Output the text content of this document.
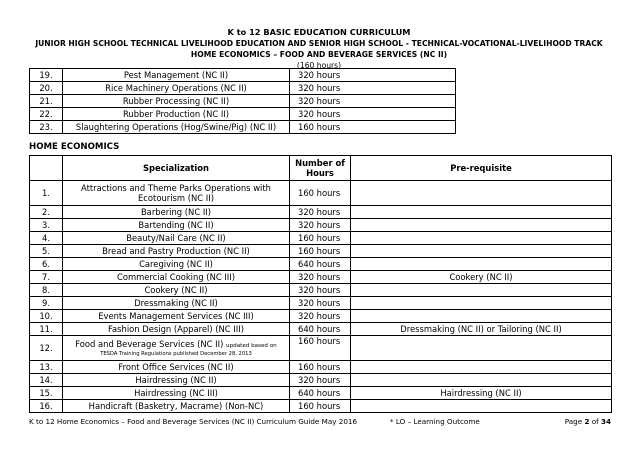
K to 12 BASIC EDUCATION CURRICULUM
JUNIOR HIGH SCHOOL TECHNICAL LIVELIHOOD EDUCATION AND SENIOR HIGH SCHOOL - TECHNICAL-VOCATIONAL-LIVELIHOOD TRACK
HOME ECONOMICS – FOOD AND BEVERAGE SERVICES (NC II)
(160 hours)
19.	Pest Management (NC II)	320 hours
20.	Rice Machinery Operations (NC II)	320 hours
21.	Rubber Processing (NC II)	320 hours
22.	Rubber Production (NC II)	320 hours
23.	Slaughtering Operations (Hog/Swine/Pig) (NC II)	160 hours
HOME ECONOMICS
	Specialization	Number of Hours	Pre-requisite
1.	Attractions and Theme Parks Operations with Ecotourism (NC II)	160 hours	
2.	Barbering (NC II)	320 hours	
3.	Bartending (NC II)	320 hours	
4.	Beauty/Nail Care (NC II)	160 hours	
5.	Bread and Pastry Production (NC II)	160 hours	
6.	Caregiving (NC II)	640 hours	
7.	Commercial Cooking (NC III)	320 hours	Cookery (NC II)
8.	Cookery (NC II)	320 hours	
9.	Dressmaking (NC II)	320 hours	
10.	Events Management Services (NC III)	320 hours	
11.	Fashion Design (Apparel) (NC III)	640 hours	Dressmaking (NC II) or Tailoring (NC II)
12.	Food and Beverage Services (NC II) updated based on
TESDA Training Regulations published December 28, 2013	160 hours	
13.	Front Office Services (NC II)	160 hours	
14.	Hairdressing (NC II)	320 hours	
15.	Hairdressing (NC III)	640 hours	Hairdressing (NC II)
16.	Handicraft (Basketry, Macrame) (Non-NC)	160 hours	
K to 12 Home Economics – Food and Beverage Services (NC II) Curriculum Guide May 2016	* LO – Learning Outcome	Page 2 of 34
